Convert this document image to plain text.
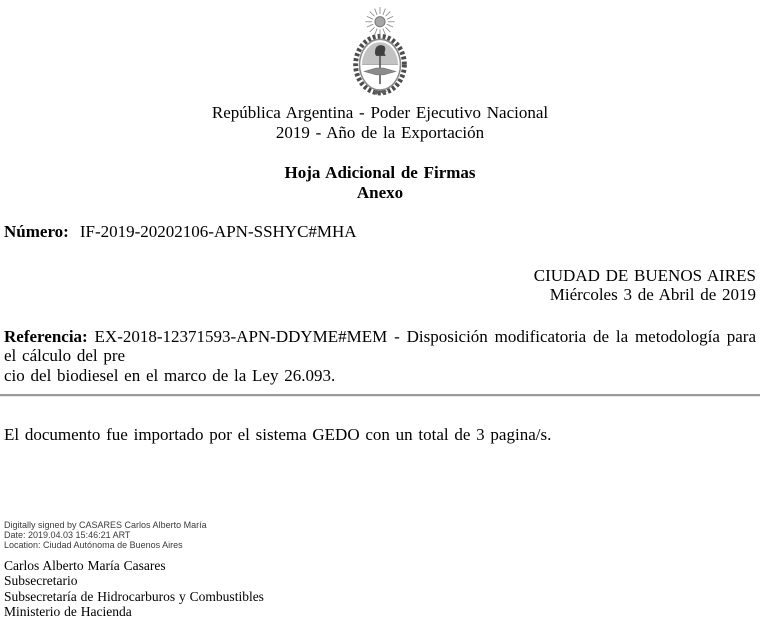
República Argentina - Poder Ejecutivo Nacional
2019 - Año de la Exportación
Hoja Adicional de Firmas
Anexo
Número: IF-2019-20202106-APN-SSHYC#MHA
CIUDAD DE BUENOS AIRES
Miércoles 3 de Abril de 2019
Referencia: EX-2018-12371593-APN-DDYME#MEM - Disposición modificatoria de la metodología para el cálculo del pre
cio del biodiesel en el marco de la Ley 26.093.
El documento fue importado por el sistema GEDO con un total de 3 pagina/s.
Digitally signed by CASARES Carlos Alberto María
Date: 2019.04.03 15:46:21 ART
Location: Ciudad Autónoma de Buenos Aires
Carlos Alberto María Casares
Subsecretario
Subsecretaría de Hidrocarburos y Combustibles
Ministerio de Hacienda
